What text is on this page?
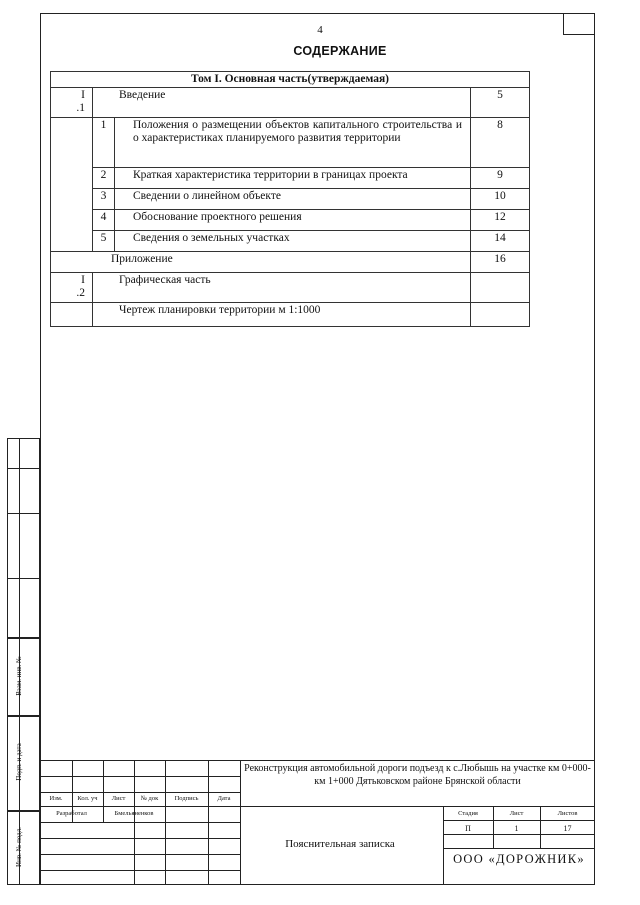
4
СОДЕРЖАНИЕ
Том I. Основная часть(утверждаемая)			
I
.1	Введение		5
	1	Положения о размещении объектов капитального строительства и о характеристиках планируемого развития территории	8
	2	Краткая характеристика территории в границах проекта	9
	3	Сведении о линейном объекте	10
	4	Обоснование проектного решения	12
	5	Сведения о земельных участках	14
Приложение			16
I
.2	Графическая часть		
	Чертеж планировки территории м 1:1000		
Взам. инв. №
Подп. и дата
Инв. № подл.
Изм.	Кол. уч	Лист	№ док	Подпись	Дата
Разработал	Бмельяненков
Реконструкция автомобильной дороги подъезд к с.Любышь на участке км 0+000-км 1+000 Дятьковском районе Брянской области
Пояснительная записка
Стадия	Лист	Листов
П	1	17
ООО «ДОРОЖНИК»
